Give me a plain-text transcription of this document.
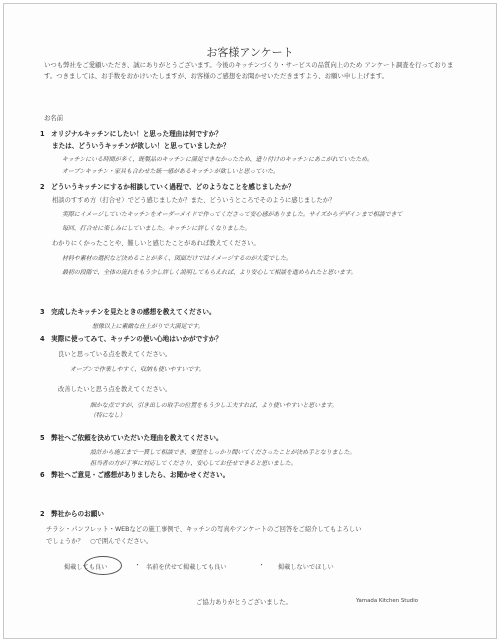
お客様アンケート
いつも弊社をご愛顧いただき、誠にありがとうございます。今後のキッチンづくり・サービスの品質向上のため アンケート調査を行っております。つきましては、お手数をおかけいたしますが、お客様のご感想をお聞かせいただきますよう、お願い申し上げます。
お名前
1　オリジナルキッチンにしたい！と思った理由は何ですか？
または、どういうキッチンが欲しい！と思っていましたか？
キッチンにいる時間が多く、既製品のキッチンに満足できなかったため、造り付けのキッチンにあこがれていたため。
オープンキッチン・家具も合わせた統一感があるキッチンが欲しいと思っていた。
2　どういうキッチンにするか相談していく過程で、どのようなことを感じましたか？
相談のすすめ方（打合せ）でどう感じましたか？また、どういうところでそのように感じましたか？
実際にイメージしていたキッチンをオーダーメイドで作ってくださって安心感がありました。サイズからデザインまで相談できて
毎回、打合せに楽しみにしていました。キッチンに詳しくなりました。
わかりにくかったことや、難しいと感じたことがあれば教えてください。
材料や素材の選択など決めることが多く、図面だけではイメージするのが大変でした。
最初の段階で、全体の流れをもう少し詳しく説明してもらえれば、より安心して相談を進められたと思います。
3　完成したキッチンを見たときの感想を教えてください。
想像以上に素敵な仕上がりで大満足です。
4　実際に使ってみて、キッチンの使い心地はいかがですか？
良いと思っている点を教えてください。
オープンで作業しやすく、収納も使いやすいです。
改善したいと思う点を教えてください。
細かな点ですが、引き出しの取手の位置をもう少し工夫すれば、より使いやすいと思います。
（特になし）
5　弊社へご依頼を決めていただいた理由を教えてください。
設計から施工まで一貫して相談でき、要望をしっかり聞いてくださったことが決め手となりました。
担当者の方が丁寧に対応してくださり、安心してお任せできると思いました。
6　弊社へご意見・ご感想がありましたら、お聞かせください。
2　弊社からのお願い
チラシ・パンフレット・WEBなどの施工事例で、キッチンの写真やアンケートのご回答をご紹介してもよろしい
でしょうか？　○で囲んでください。
掲載しても良い	・ 名前を伏せて掲載しても良い	・ 掲載しないでほしい
ご協力ありがとうございました。	Yamada Kitchen Studio
